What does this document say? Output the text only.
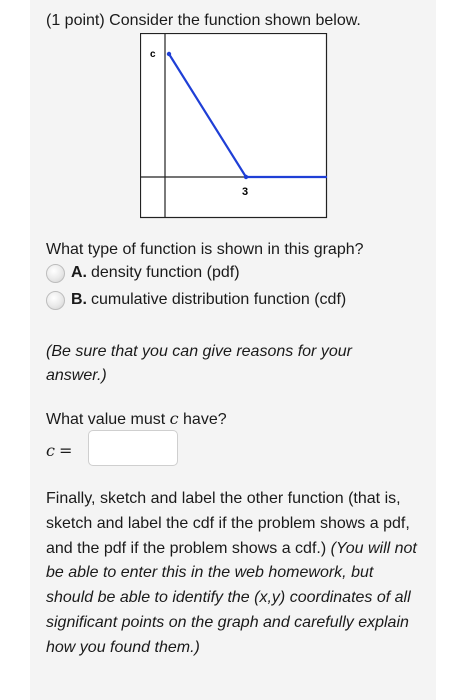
(1 point) Consider the function shown below.
c
3
What type of function is shown in this graph?
A. density function (pdf)
B. cumulative distribution function (cdf)
(Be sure that you can give reasons for your
answer.)
What value must c have?
c =
Finally, sketch and label the other function (that is, sketch and label the cdf if the problem shows a pdf, and the pdf if the problem shows a cdf.) (You will not be able to enter this in the web homework, but should be able to identify the (x,y) coordinates of all significant points on the graph and carefully explain how you found them.)
